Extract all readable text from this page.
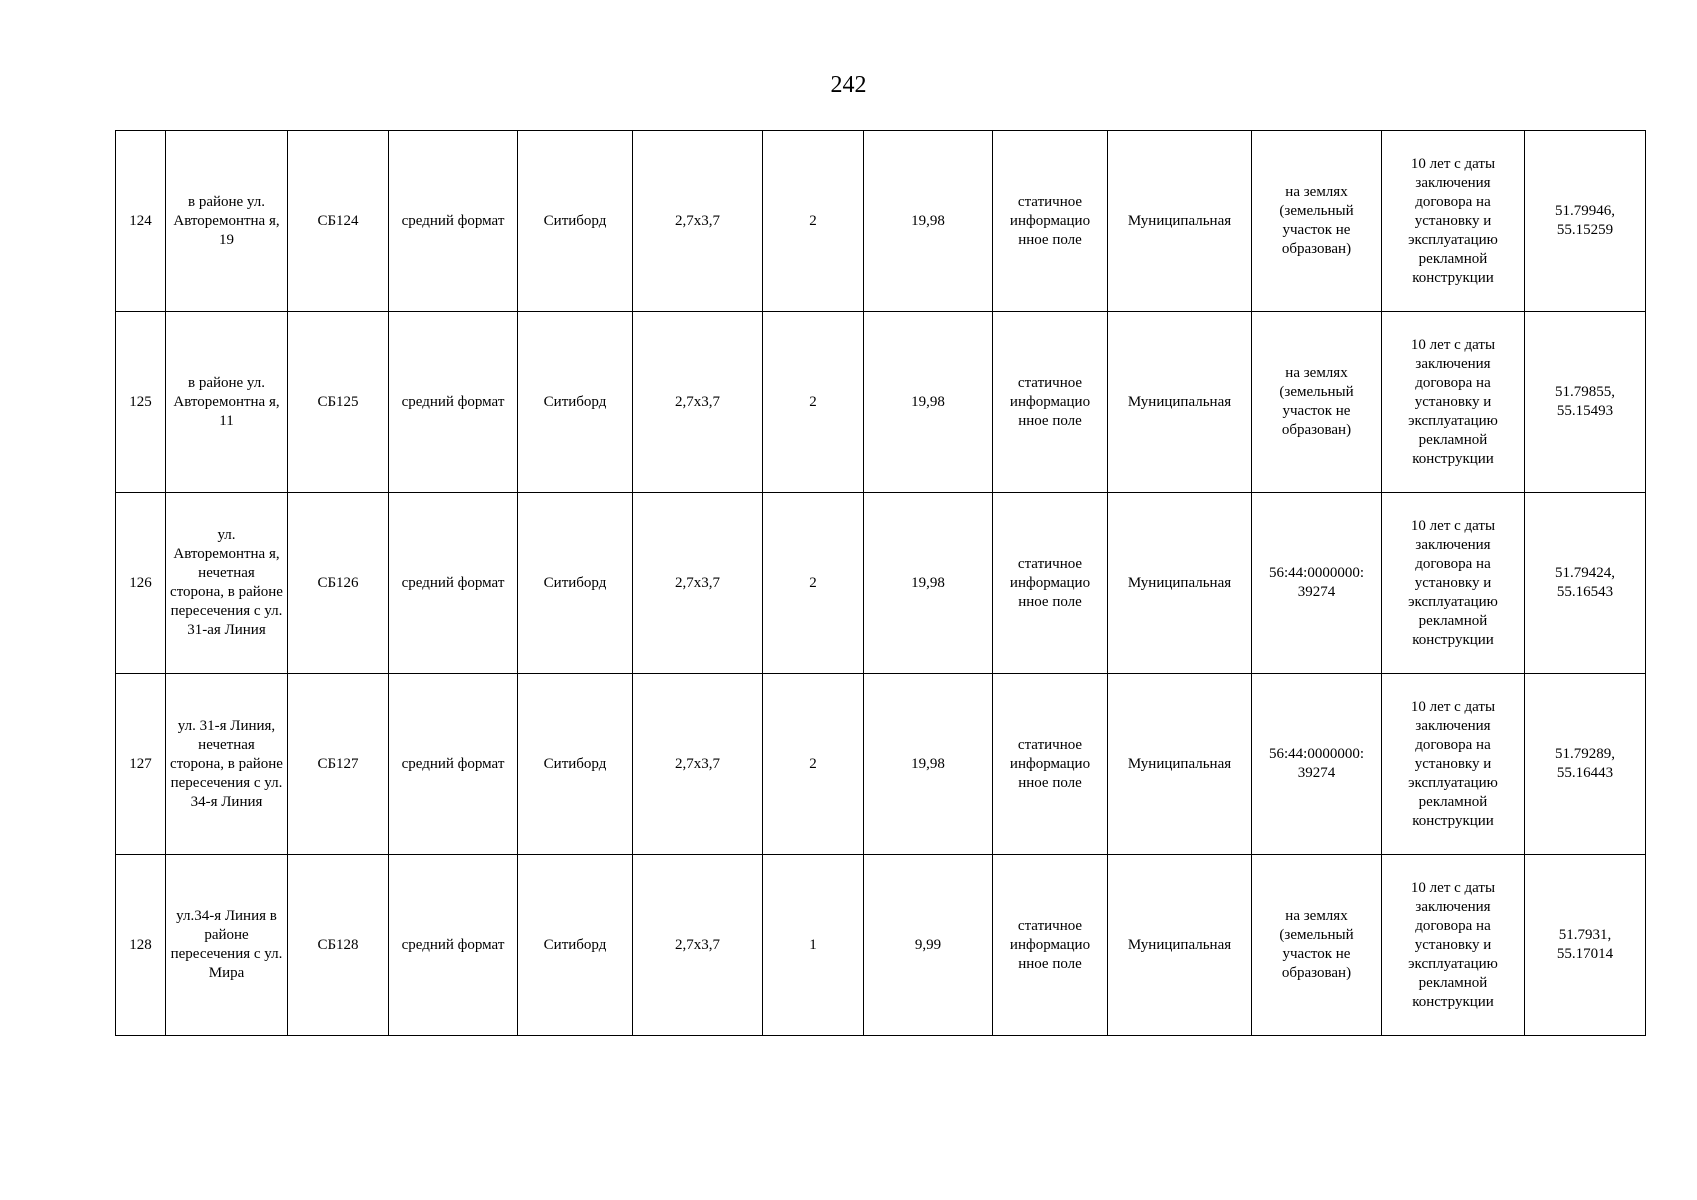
242
124	в районе ул. Авторемонтна я, 19	СБ124	средний формат	Ситиборд	2,7x3,7	2	19,98	статичное информацио нное поле	Муниципальная	на землях (земельный участок не образован)	10 лет с даты заключения договора на установку и эксплуатацию рекламной конструкции	51.79946, 55.15259
125	в районе ул. Авторемонтна я, 11	СБ125	средний формат	Ситиборд	2,7x3,7	2	19,98	статичное информацио нное поле	Муниципальная	на землях (земельный участок не образован)	10 лет с даты заключения договора на установку и эксплуатацию рекламной конструкции	51.79855, 55.15493
126	ул. Авторемонтна я, нечетная сторона, в районе пересечения с ул. 31-ая Линия	СБ126	средний формат	Ситиборд	2,7x3,7	2	19,98	статичное информацио нное поле	Муниципальная	56:44:0000000: 39274	10 лет с даты заключения договора на установку и эксплуатацию рекламной конструкции	51.79424, 55.16543
127	ул. 31-я Линия, нечетная сторона, в районе пересечения с ул. 34-я Линия	СБ127	средний формат	Ситиборд	2,7x3,7	2	19,98	статичное информацио нное поле	Муниципальная	56:44:0000000: 39274	10 лет с даты заключения договора на установку и эксплуатацию рекламной конструкции	51.79289, 55.16443
128	ул.34-я Линия в районе пересечения с ул. Мира	СБ128	средний формат	Ситиборд	2,7x3,7	1	9,99	статичное информацио нное поле	Муниципальная	на землях (земельный участок не образован)	10 лет с даты заключения договора на установку и эксплуатацию рекламной конструкции	51.7931, 55.17014
